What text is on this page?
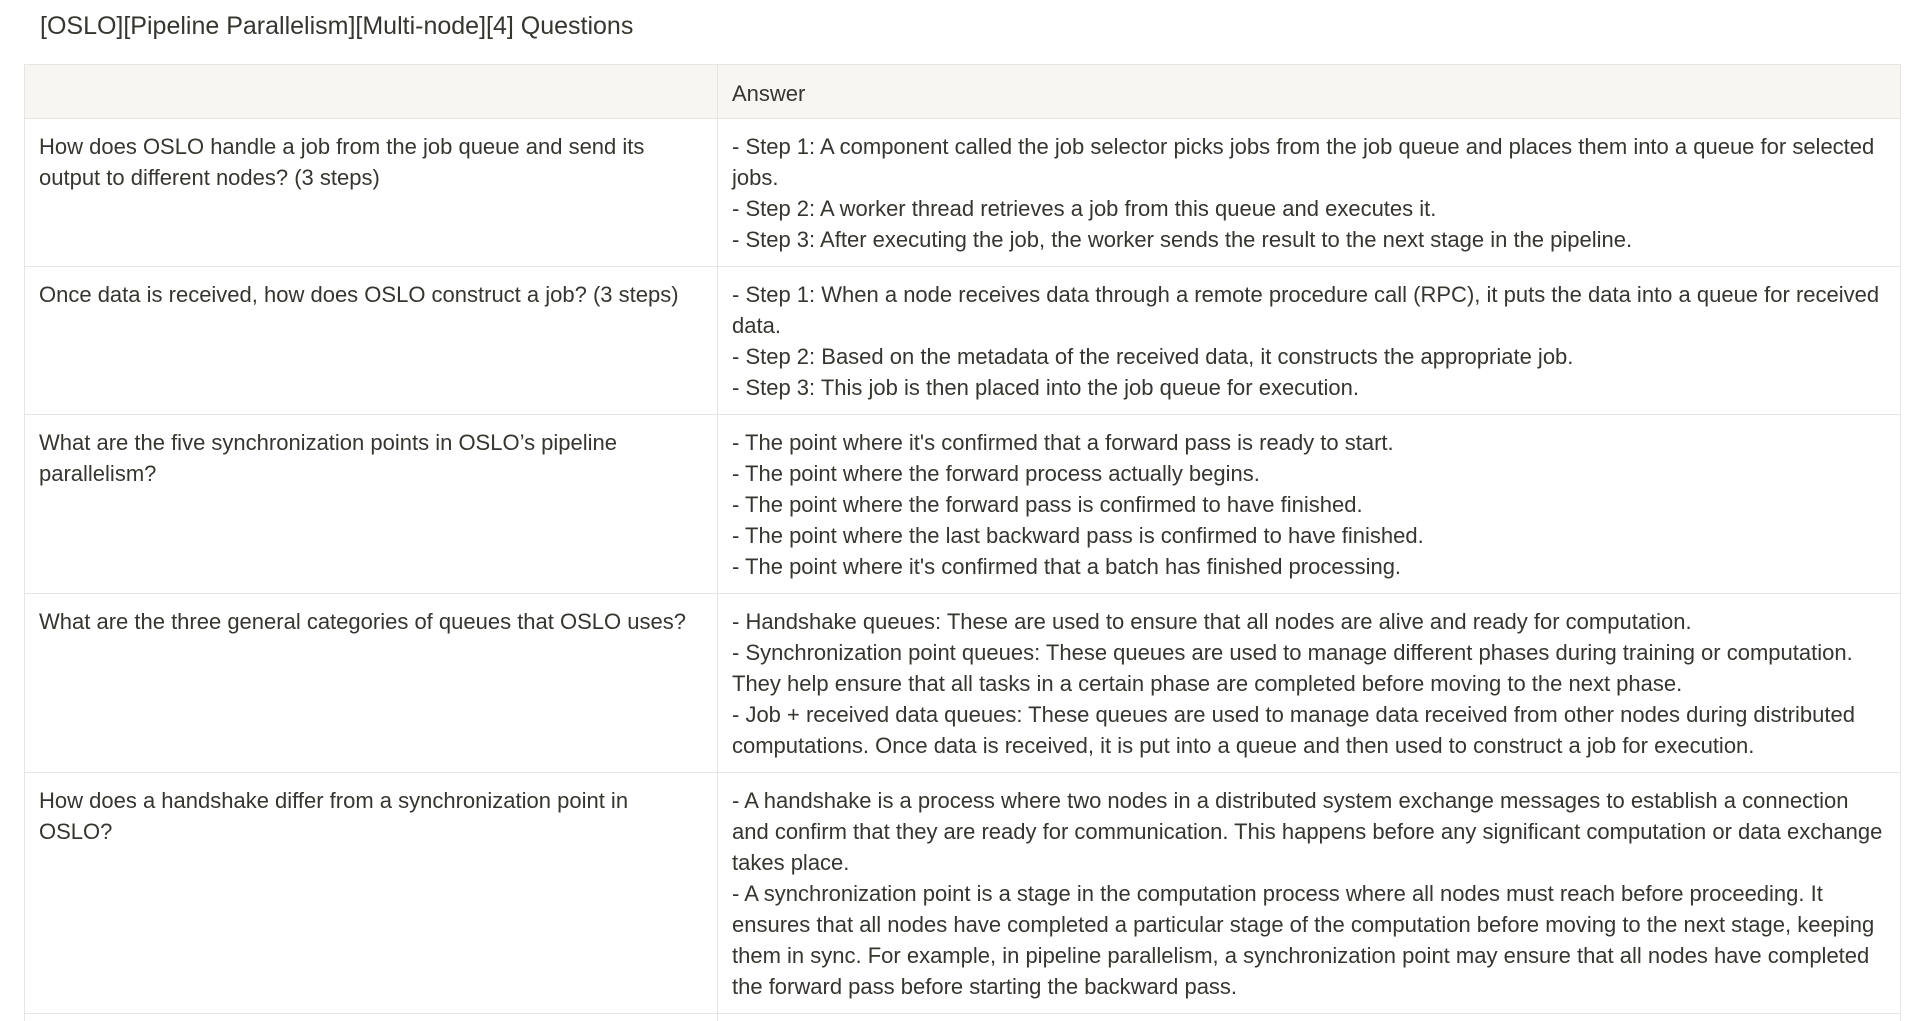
[OSLO][Pipeline Parallelism][Multi-node][4] Questions
	Answer
How does OSLO handle a job from the job queue and send its output to different nodes? (3 steps)	- Step 1: A component called the job selector picks jobs from the job queue and places them into a queue for selected jobs.
- Step 2: A worker thread retrieves a job from this queue and executes it.
- Step 3: After executing the job, the worker sends the result to the next stage in the pipeline.

Once data is received, how does OSLO construct a job? (3 steps)	- Step 1: When a node receives data through a remote procedure call (RPC), it puts the data into a queue for received data.
- Step 2: Based on the metadata of the received data, it constructs the appropriate job.
- Step 3: This job is then placed into the job queue for execution.

What are the five synchronization points in OSLO’s pipeline parallelism?	- The point where it's confirmed that a forward pass is ready to start.
- The point where the forward process actually begins.
- The point where the forward pass is confirmed to have finished.
- The point where the last backward pass is confirmed to have finished.
- The point where it's confirmed that a batch has finished processing.

What are the three general categories of queues that OSLO uses?	- Handshake queues: These are used to ensure that all nodes are alive and ready for computation.
- Synchronization point queues: These queues are used to manage different phases during training or computation. They help ensure that all tasks in a certain phase are completed before moving to the next phase.
- Job + received data queues: These queues are used to manage data received from other nodes during distributed computations. Once data is received, it is put into a queue and then used to construct a job for execution.

How does a handshake differ from a synchronization point in OSLO?	- A handshake is a process where two nodes in a distributed system exchange messages to establish a connection and confirm that they are ready for communication. This happens before any significant computation or data exchange takes place.
- A synchronization point is a stage in the computation process where all nodes must reach before proceeding. It ensures that all nodes have completed a particular stage of the computation before moving to the next stage, keeping them in sync. For example, in pipeline parallelism, a synchronization point may ensure that all nodes have completed the forward pass before starting the backward pass.
